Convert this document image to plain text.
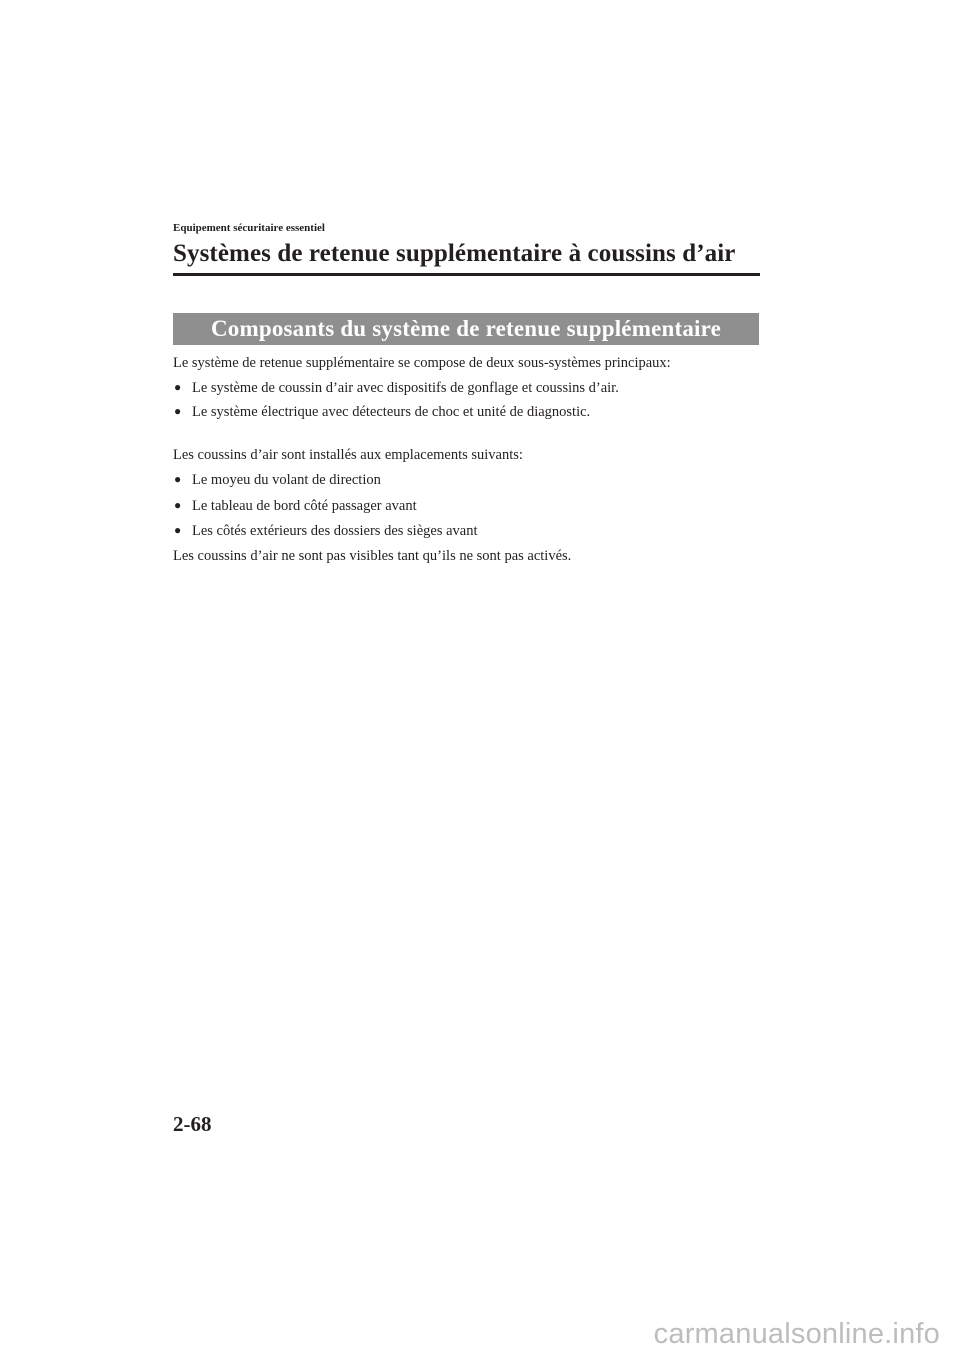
Equipement sécuritaire essentiel
Systèmes de retenue supplémentaire à coussins d’air
Composants du système de retenue supplémentaire
Le système de retenue supplémentaire se compose de deux sous-systèmes principaux:
● Le système de coussin d’air avec dispositifs de gonflage et coussins d’air.
● Le système électrique avec détecteurs de choc et unité de diagnostic.
Les coussins d’air sont installés aux emplacements suivants:
● Le moyeu du volant de direction
● Le tableau de bord côté passager avant
● Les côtés extérieurs des dossiers des sièges avant
Les coussins d’air ne sont pas visibles tant qu’ils ne sont pas activés.
2-68
carmanualsonline.info
